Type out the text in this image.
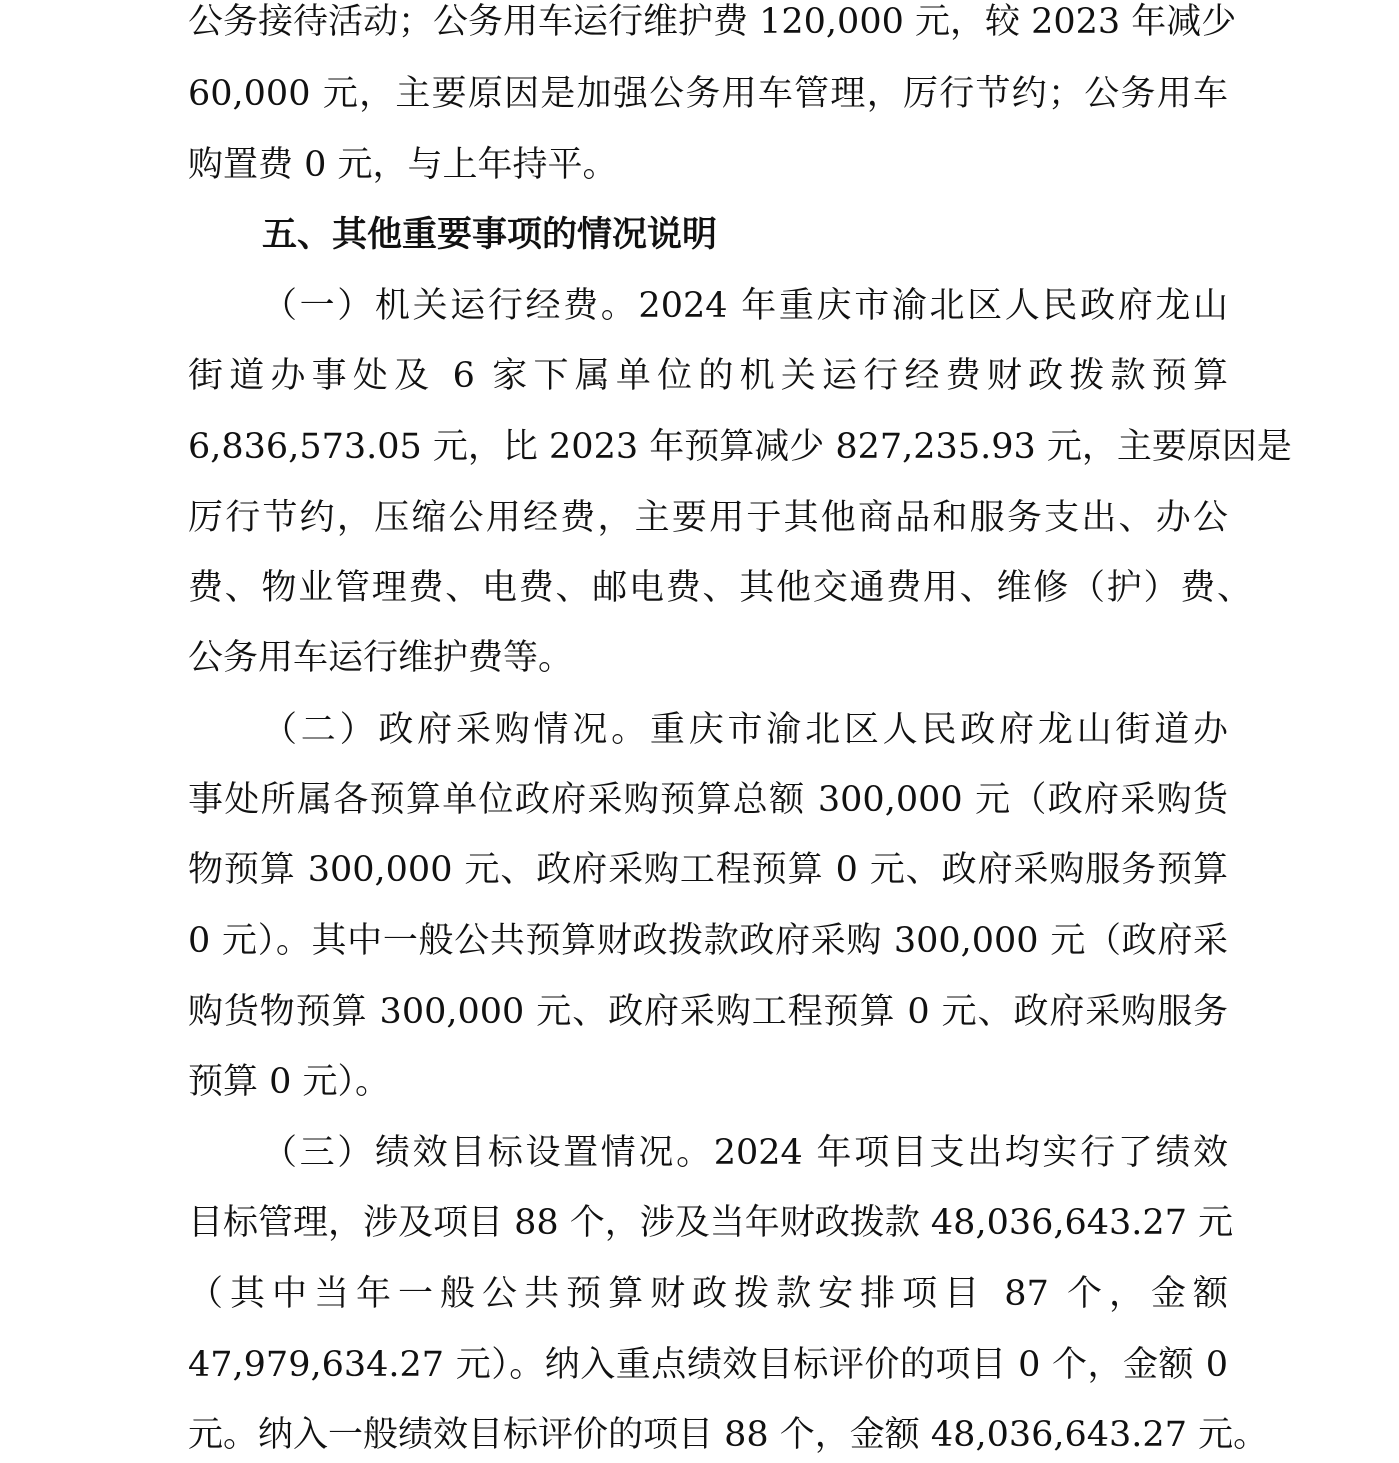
公务接待活动；公务用车运行维护费 120,000 元，较 2023 年减少
60,000 元，主要原因是加强公务用车管理，厉行节约；公务用车
购置费 0 元，与上年持平。
五、其他重要事项的情况说明
（一）机关运行经费。2024 年重庆市渝北区人民政府龙山
街道办事处及 6 家下属单位的机关运行经费财政拨款预算
6,836,573.05 元，比 2023 年预算减少 827,235.93 元，主要原因是
厉行节约，压缩公用经费，主要用于其他商品和服务支出、办公
费、物业管理费、电费、邮电费、其他交通费用、维修（护）费、
公务用车运行维护费等。
（二）政府采购情况。重庆市渝北区人民政府龙山街道办
事处所属各预算单位政府采购预算总额 300,000 元（政府采购货
物预算 300,000 元、政府采购工程预算 0 元、政府采购服务预算
0 元）。其中一般公共预算财政拨款政府采购 300,000 元（政府采
购货物预算 300,000 元、政府采购工程预算 0 元、政府采购服务
预算 0 元）。
（三）绩效目标设置情况。2024 年项目支出均实行了绩效
目标管理，涉及项目 88 个，涉及当年财政拨款 48,036,643.27 元
（其中当年一般公共预算财政拨款安排项目 87 个，金额
47,979,634.27 元）。纳入重点绩效目标评价的项目 0 个，金额 0
元。纳入一般绩效目标评价的项目 88 个，金额 48,036,643.27 元。
